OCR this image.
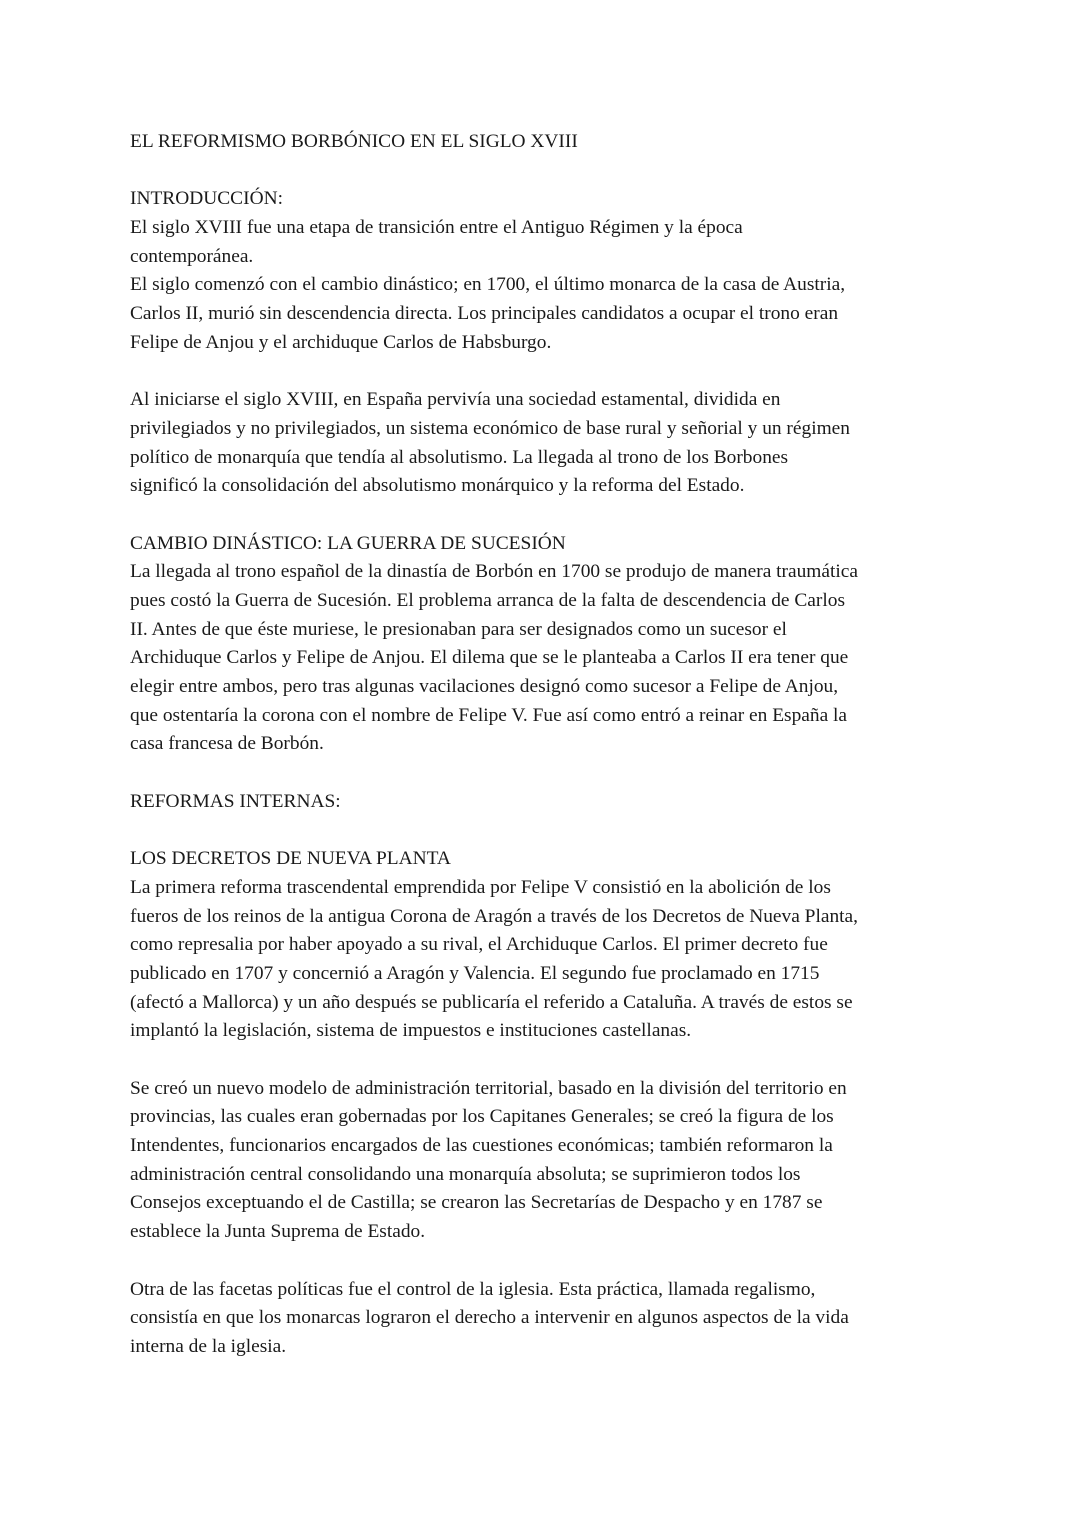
EL REFORMISMO BORBÓNICO EN EL SIGLO XVIII
INTRODUCCIÓN:
El siglo XVIII fue una etapa de transición entre el Antiguo Régimen y la época
contemporánea.
El siglo comenzó con el cambio dinástico; en 1700, el último monarca de la casa de Austria,
Carlos II, murió sin descendencia directa. Los principales candidatos a ocupar el trono eran
Felipe de Anjou y el archiduque Carlos de Habsburgo.
Al iniciarse el siglo XVIII, en España pervivía una sociedad estamental, dividida en
privilegiados y no privilegiados, un sistema económico de base rural y señorial y un régimen
político de monarquía que tendía al absolutismo. La llegada al trono de los Borbones
significó la consolidación del absolutismo monárquico y la reforma del Estado.
CAMBIO DINÁSTICO: LA GUERRA DE SUCESIÓN
La llegada al trono español de la dinastía de Borbón en 1700 se produjo de manera traumática
pues costó la Guerra de Sucesión. El problema arranca de la falta de descendencia de Carlos
II. Antes de que éste muriese, le presionaban para ser designados como un sucesor el
Archiduque Carlos y Felipe de Anjou. El dilema que se le planteaba a Carlos II era tener que
elegir entre ambos, pero tras algunas vacilaciones designó como sucesor a Felipe de Anjou,
que ostentaría la corona con el nombre de Felipe V. Fue así como entró a reinar en España la
casa francesa de Borbón.
REFORMAS INTERNAS:
LOS DECRETOS DE NUEVA PLANTA
La primera reforma trascendental emprendida por Felipe V consistió en la abolición de los
fueros de los reinos de la antigua Corona de Aragón a través de los Decretos de Nueva Planta,
como represalia por haber apoyado a su rival, el Archiduque Carlos. El primer decreto fue
publicado en 1707 y concernió a Aragón y Valencia. El segundo fue proclamado en 1715
(afectó a Mallorca) y un año después se publicaría el referido a Cataluña. A través de estos se
implantó la legislación, sistema de impuestos e instituciones castellanas.
Se creó un nuevo modelo de administración territorial, basado en la división del territorio en
provincias, las cuales eran gobernadas por los Capitanes Generales; se creó la figura de los
Intendentes, funcionarios encargados de las cuestiones económicas; también reformaron la
administración central consolidando una monarquía absoluta; se suprimieron todos los
Consejos exceptuando el de Castilla; se crearon las Secretarías de Despacho y en 1787 se
establece la Junta Suprema de Estado.
Otra de las facetas políticas fue el control de la iglesia. Esta práctica, llamada regalismo,
consistía en que los monarcas lograron el derecho a intervenir en algunos aspectos de la vida
interna de la iglesia.
